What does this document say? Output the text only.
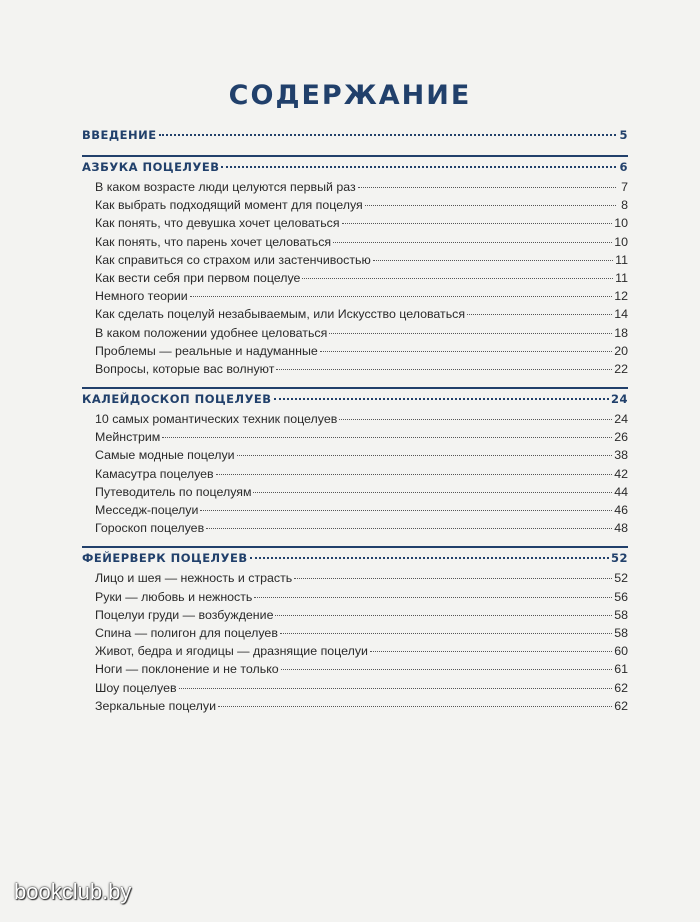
СОДЕРЖАНИЕ
ВВЕДЕНИЕ	5
АЗБУКА ПОЦЕЛУЕВ	6
В каком возрасте люди целуются первый раз	7
Как выбрать подходящий момент для поцелуя	8
Как понять, что девушка хочет целоваться	10
Как понять, что парень хочет целоваться	10
Как справиться со страхом или застенчивостью	11
Как вести себя при первом поцелуе	11
Немного теории	12
Как сделать поцелуй незабываемым, или Искусство целоваться	14
В каком положении удобнее целоваться	18
Проблемы — реальные и надуманные	20
Вопросы, которые вас волнуют	22
КАЛЕЙДОСКОП ПОЦЕЛУЕВ	24
10 самых романтических техник поцелуев	24
Мейнстрим	26
Самые модные поцелуи	38
Камасутра поцелуев	42
Путеводитель по поцелуям	44
Месседж-поцелуи	46
Гороскоп поцелуев	48
ФЕЙЕРВЕРК ПОЦЕЛУЕВ	52
Лицо и шея — нежность и страсть	52
Руки — любовь и нежность	56
Поцелуи груди — возбуждение	58
Спина — полигон для поцелуев	58
Живот, бедра и ягодицы — дразнящие поцелуи	60
Ноги — поклонение и не только	61
Шоу поцелуев	62
Зеркальные поцелуи	62
bookclub.by
